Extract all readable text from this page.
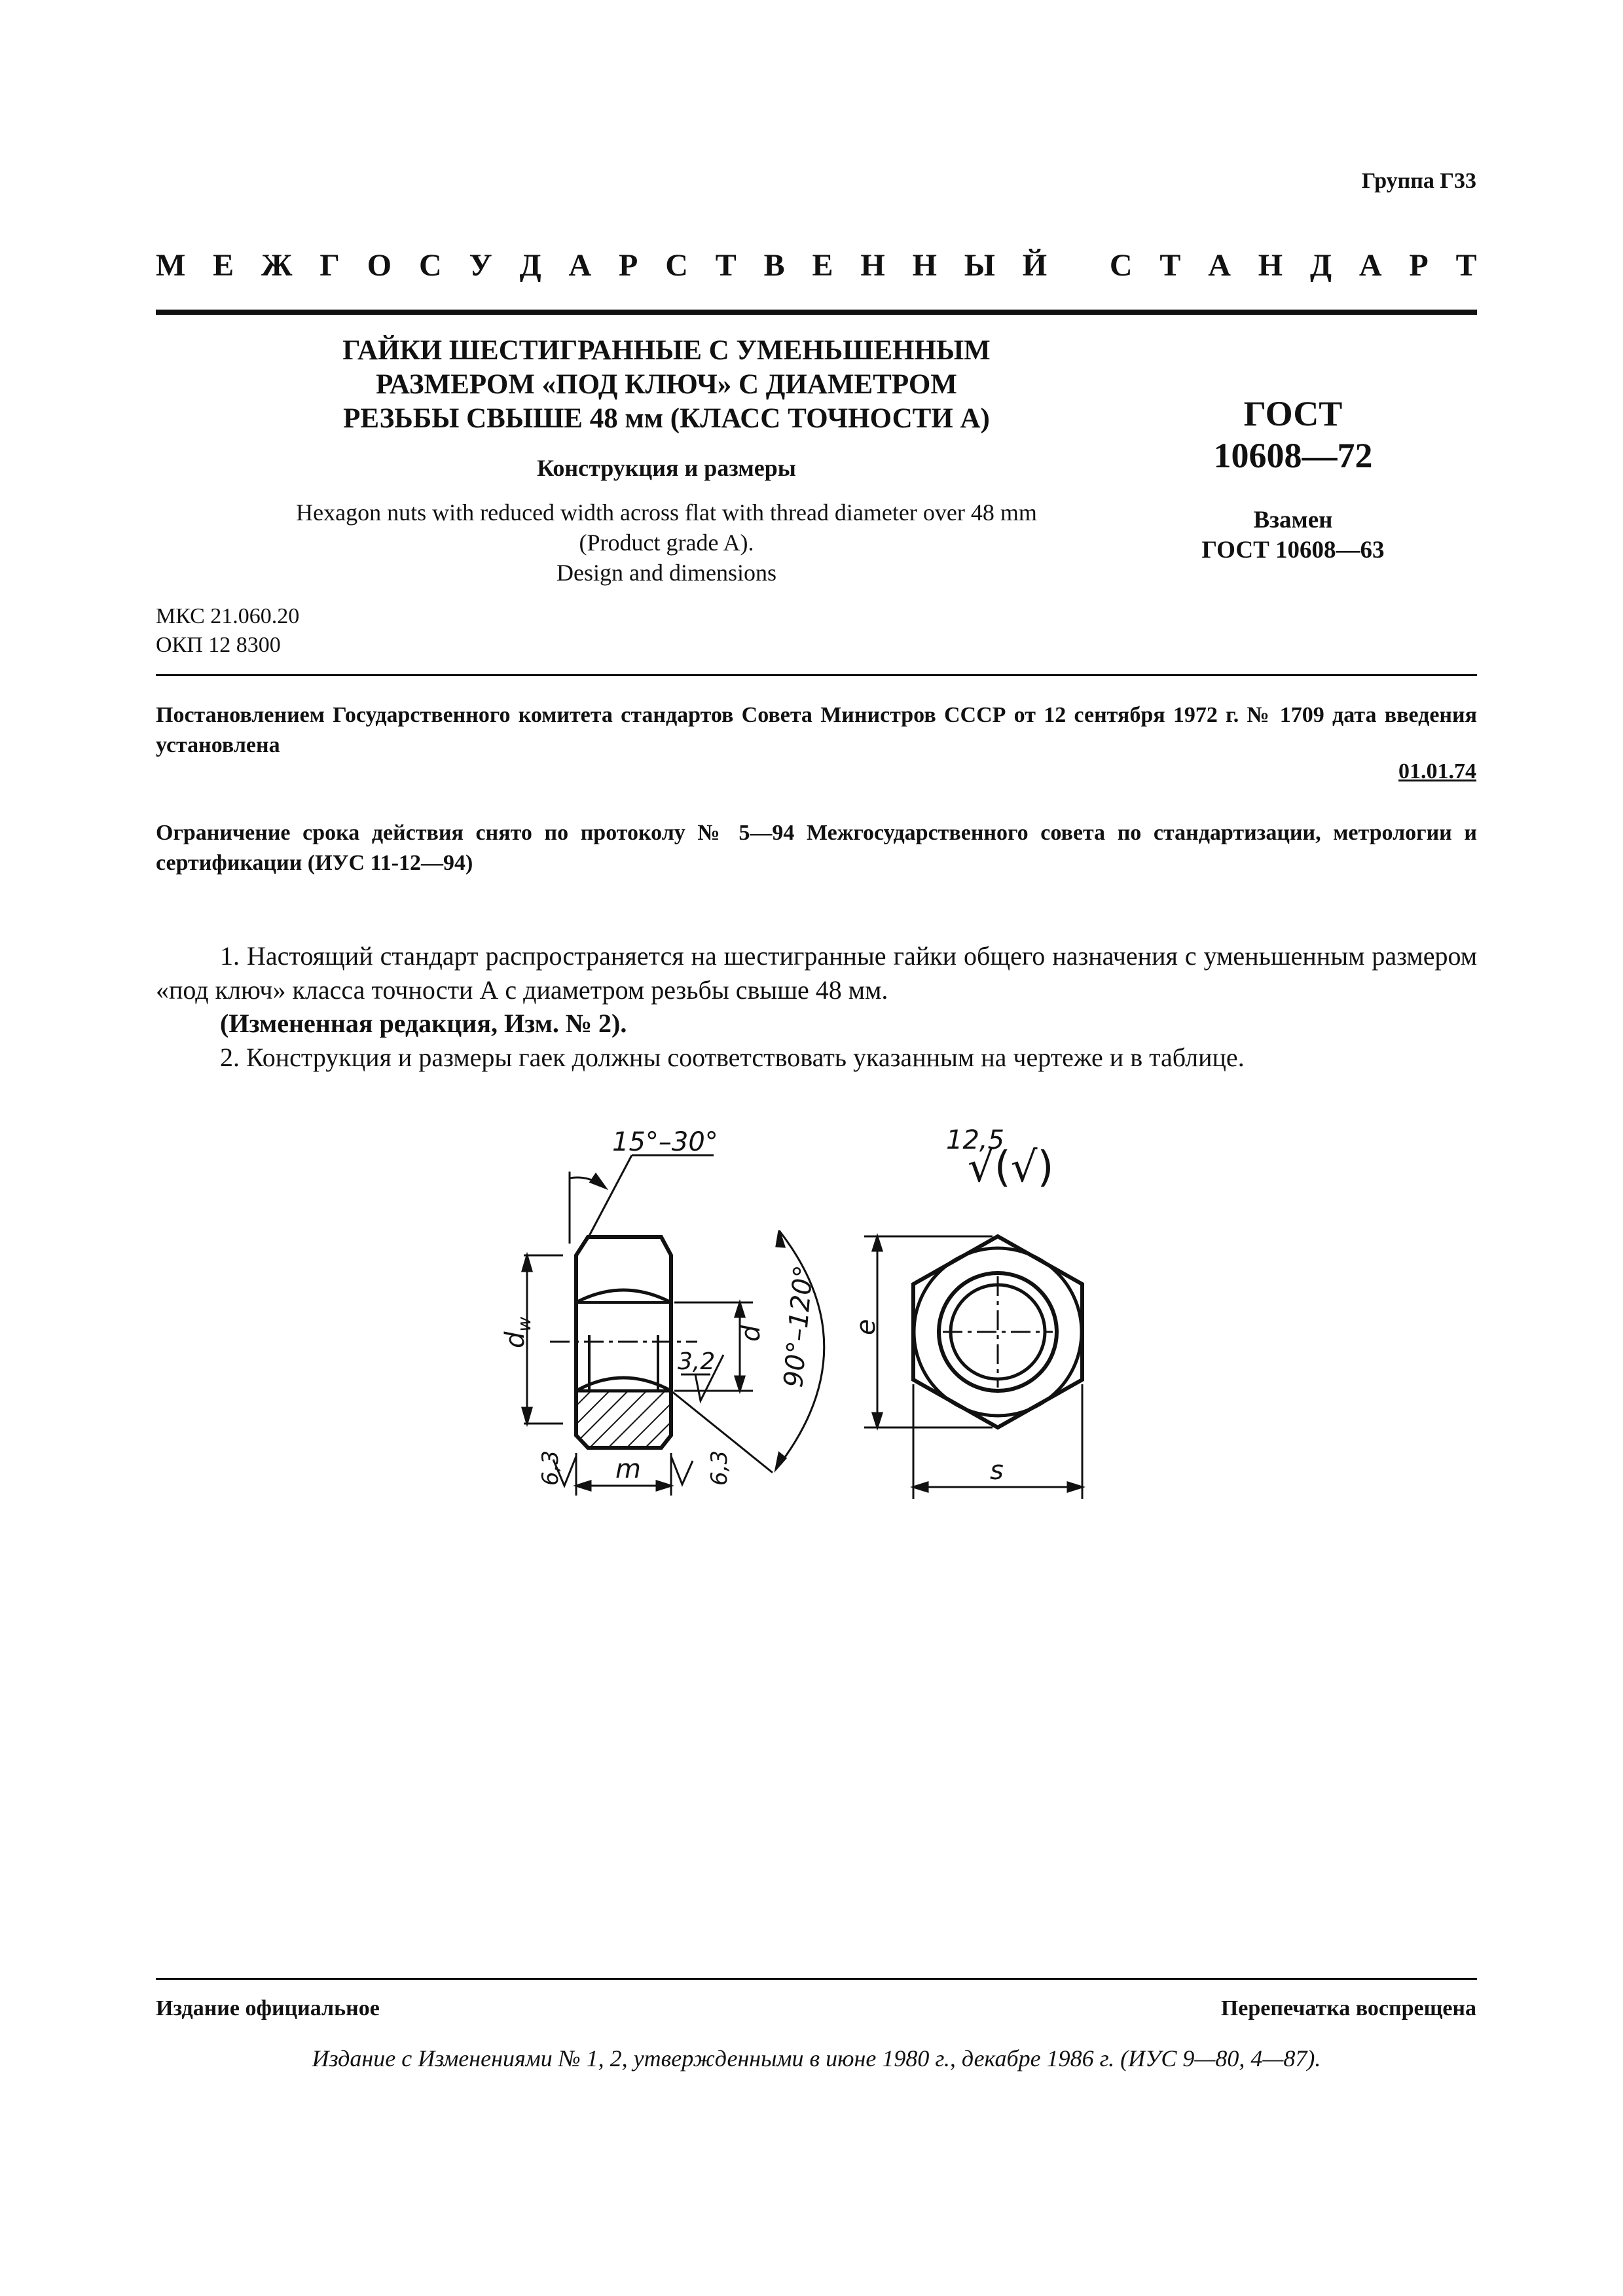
Группа Г33
М Е Ж Г О С У Д А Р С Т В Е Н Н Ы Й
С Т А Н Д А Р Т
ГАЙКИ ШЕСТИГРАННЫЕ С УМЕНЬШЕННЫМ
РАЗМЕРОМ «ПОД КЛЮЧ» С ДИАМЕТРОМ
РЕЗЬБЫ СВЫШЕ 48 мм (КЛАСС ТОЧНОСТИ А)
Конструкция и размеры
Hexagon nuts with reduced width across flat with thread diameter over 48 mm
(Product grade A).
Design and dimensions
ГОСТ
10608—72
Взамен
ГОСТ 10608—63
МКС 21.060.20
ОКП 12 8300
Постановлением Государственного комитета стандартов Совета Министров СССР от 12 сентября 1972 г. № 1709 дата введения установлена
01.01.74
Ограничение срока действия снято по протоколу № 5—94 Межгосударственного совета по стандартизации, метрологии и сертификации (ИУС 11-12—94)
1. Настоящий стандарт распространяется на шестигранные гайки общего назначения с уменьшенным размером «под ключ» класса точности А с диаметром резьбы свыше 48 мм.
(Измененная редакция, Изм. № 2).
2. Конструкция и размеры гаек должны соответствовать указанным на чертеже и в таблице.
$d_w$
15°–30°
d
3,2 90°–120°
m
6,3	6,3
12,5
√(√)
e
s
Издание официальное	Перепечатка воспрещена
Издание с Изменениями № 1, 2, утвержденными в июне 1980 г., декабре 1986 г. (ИУС 9—80, 4—87).
